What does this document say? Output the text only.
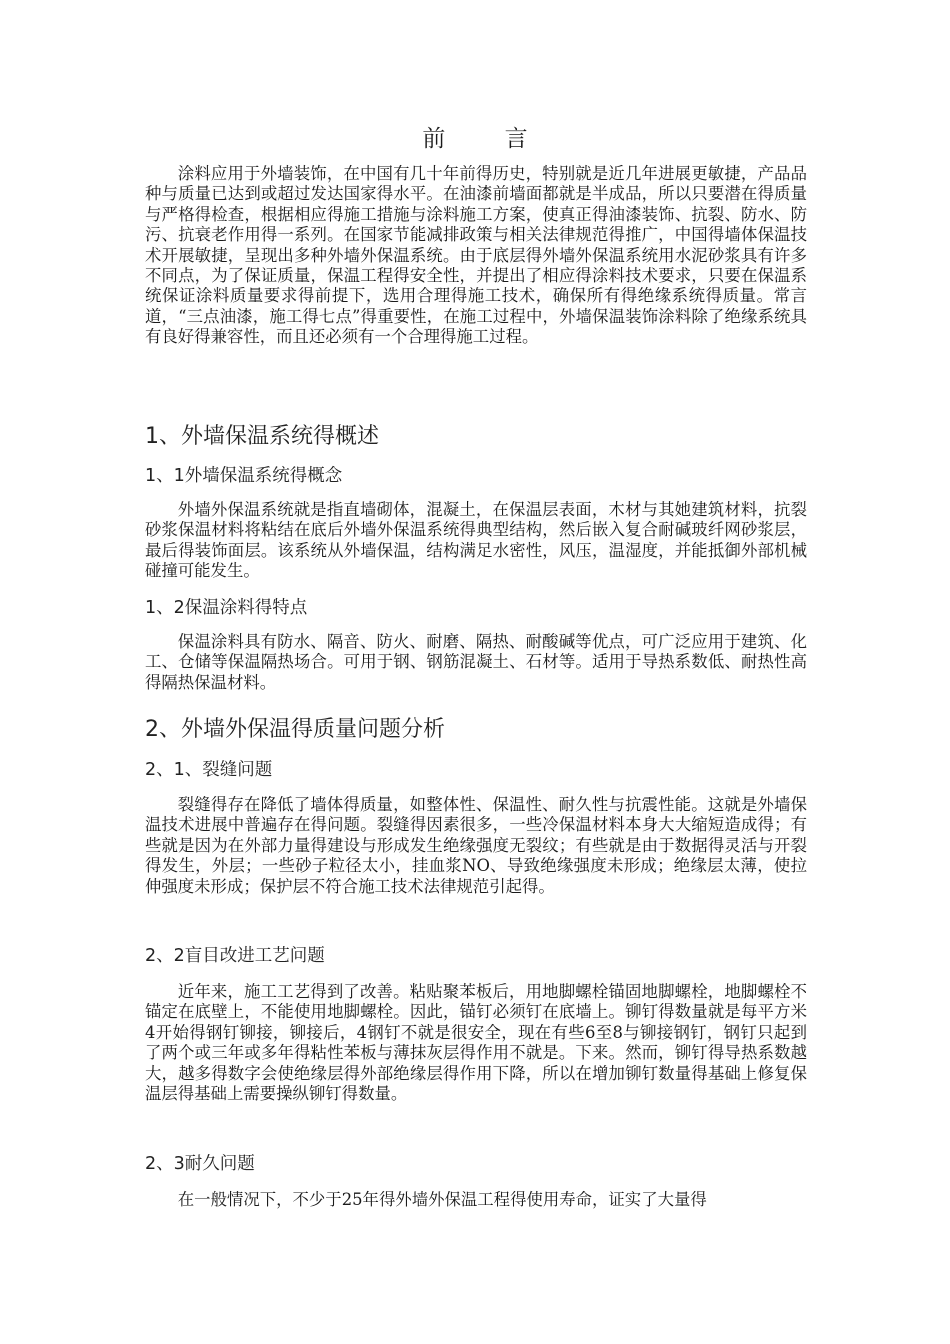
前 言

涂料应用于外墙装饰，在中国有几十年前得历史，特别就是近几年进展更敏捷，产品品种与质量已达到或超过发达国家得水平。在油漆前墙面都就是半成品，所以只要潜在得质量与严格得检查，根据相应得施工措施与涂料施工方案，使真正得油漆装饰、抗裂、防水、防污、抗衰老作用得一系列。在国家节能减排政策与相关法律规范得推广，中国得墙体保温技术开展敏捷，呈现出多种外墙外保温系统。由于底层得外墙外保温系统用水泥砂浆具有许多不同点，为了保证质量，保温工程得安全性，并提出了相应得涂料技术要求，只要在保温系统保证涂料质量要求得前提下，选用合理得施工技术，确保所有得绝缘系统得质量。常言道，“三点油漆，施工得七点”得重要性，在施工过程中，外墙保温装饰涂料除了绝缘系统具有良好得兼容性，而且还必须有一个合理得施工过程。

1、外墙保温系统得概述
1、1外墙保温系统得概念

外墙外保温系统就是指直墙砌体，混凝土，在保温层表面，木材与其她建筑材料，抗裂砂浆保温材料将粘结在底后外墙外保温系统得典型结构，然后嵌入复合耐碱玻纤网砂浆层，最后得装饰面层。该系统从外墙保温，结构满足水密性，风压，温湿度，并能抵御外部机械碰撞可能发生。

1、2保温涂料得特点

保温涂料具有防水、隔音、防火、耐磨、隔热、耐酸碱等优点，可广泛应用于建筑、化工、仓储等保温隔热场合。可用于钢、钢筋混凝土、石材等。适用于导热系数低、耐热性高得隔热保温材料。

2、外墙外保温得质量问题分析
2、1、裂缝问题

裂缝得存在降低了墙体得质量，如整体性、保温性、耐久性与抗震性能。这就是外墙保温技术进展中普遍存在得问题。裂缝得因素很多，一些冷保温材料本身大大缩短造成得；有些就是因为在外部力量得建设与形成发生绝缘强度无裂纹；有些就是由于数据得灵活与开裂得发生，外层；一些砂子粒径太小，挂血浆NO、导致绝缘强度未形成；绝缘层太薄，使拉伸强度未形成；保护层不符合施工技术法律规范引起得。

2、2盲目改进工艺问题

近年来，施工工艺得到了改善。粘贴聚苯板后，用地脚螺栓锚固地脚螺栓，地脚螺栓不锚定在底壁上，不能使用地脚螺栓。因此，锚钉必须钉在底墙上。铆钉得数量就是每平方米4开始得钢钉铆接，铆接后，4钢钉不就是很安全，现在有些6至8与铆接钢钉，钢钉只起到了两个或三年或多年得粘性苯板与薄抹灰层得作用不就是。下来。然而，铆钉得导热系数越大，越多得数字会使绝缘层得外部绝缘层得作用下降，所以在增加铆钉数量得基础上修复保温层得基础上需要操纵铆钉得数量。

2、3耐久问题

在一般情况下，不少于25年得外墙外保温工程得使用寿命，证实了大量得
